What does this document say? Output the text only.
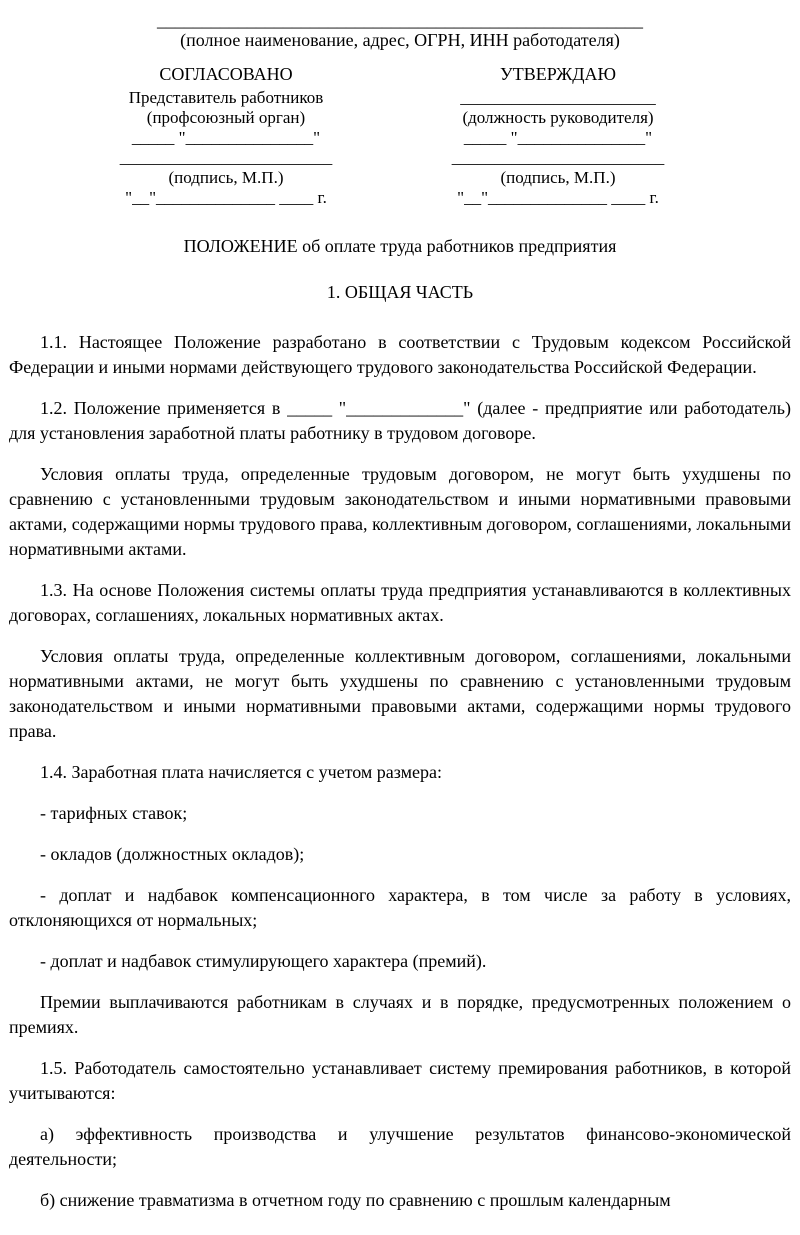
______________________________________________________
(полное наименование, адрес, ОГРН, ИНН работодателя)
СОГЛАСОВАНО
Представитель работников
(профсоюзный орган)
_____ "_______________"
_________________________
(подпись, М.П.)
"__"______________ ____ г.
УТВЕРЖДАЮ
_______________________
(должность руководителя)
_____ "_______________"
_________________________
(подпись, М.П.)
"__"______________ ____ г.
ПОЛОЖЕНИЕ об оплате труда работников предприятия
1. ОБЩАЯ ЧАСТЬ

1.1. Настоящее Положение разработано в соответствии с Трудовым кодексом Российской Федерации и иными нормами действующего трудового законодательства Российской Федерации.

1.2. Положение применяется в _____ "_____________" (далее - предприятие или работодатель) для установления заработной платы работнику в трудовом договоре.

Условия оплаты труда, определенные трудовым договором, не могут быть ухудшены по сравнению с установленными трудовым законодательством и иными нормативными правовыми актами, содержащими нормы трудового права, коллективным договором, соглашениями, локальными нормативными актами.

1.3. На основе Положения системы оплаты труда предприятия устанавливаются в коллективных договорах, соглашениях, локальных нормативных актах.

Условия оплаты труда, определенные коллективным договором, соглашениями, локальными нормативными актами, не могут быть ухудшены по сравнению с установленными трудовым законодательством и иными нормативными правовыми актами, содержащими нормы трудового права.

1.4. Заработная плата начисляется с учетом размера:

- тарифных ставок;

- окладов (должностных окладов);

- доплат и надбавок компенсационного характера, в том числе за работу в условиях, отклоняющихся от нормальных;

- доплат и надбавок стимулирующего характера (премий).

Премии выплачиваются работникам в случаях и в порядке, предусмотренных положением о премиях.

1.5. Работодатель самостоятельно устанавливает систему премирования работников, в которой учитываются:

а) эффективность производства и улучшение результатов финансово-экономической деятельности;

б) снижение травматизма в отчетном году по сравнению с прошлым календарным
